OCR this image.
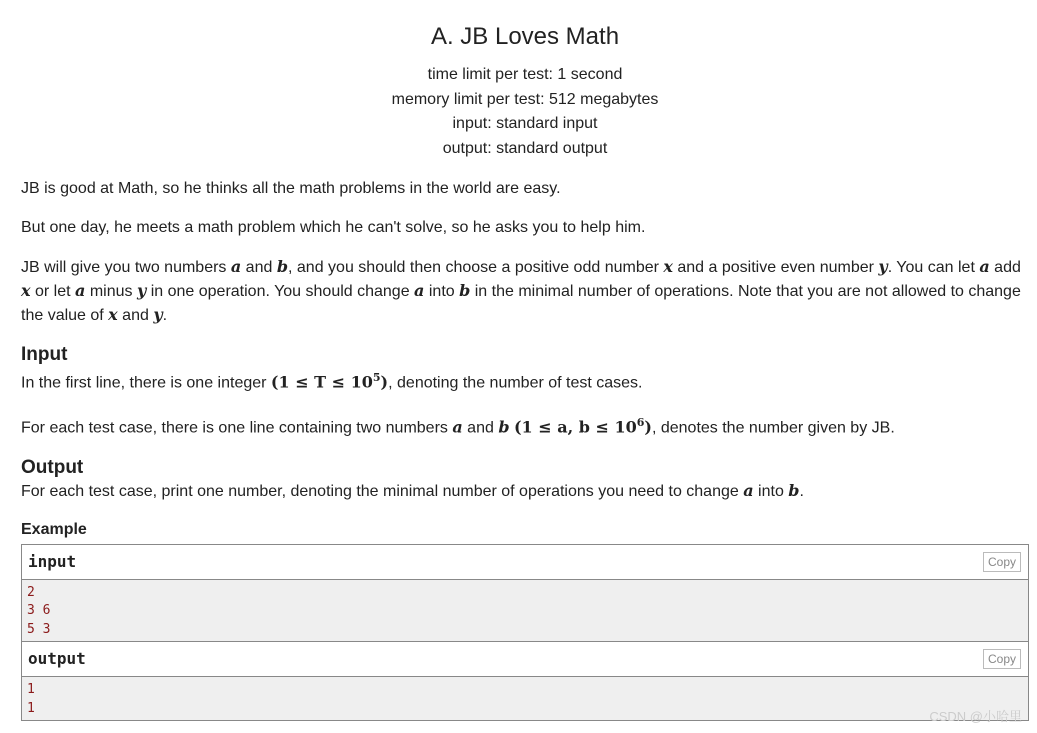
A. JB Loves Math
time limit per test: 1 second
memory limit per test: 512 megabytes
input: standard input
output: standard output

JB is good at Math, so he thinks all the math problems in the world are easy.

But one day, he meets a math problem which he can't solve, so he asks you to help him.

JB will give you two numbers a and b, and you should then choose a positive odd number x and a positive even number y. You can let a add x or let a minus y in one operation. You should change a into b in the minimal number of operations. Note that you are not allowed to change the value of x and y.

Input

In the first line, there is one integer $(1 \le T \le 10^5)$, denoting the number of test cases.

For each test case, there is one line containing two numbers a and b (1 ≤ a, $b \le 10^6$), denotes the number given by JB.

Output

For each test case, print one number, denoting the minimal number of operations you need to change a into b.

Example
input	Copy
2
3 6
5 3
output	Copy
1
1
CSDN @小哈里
